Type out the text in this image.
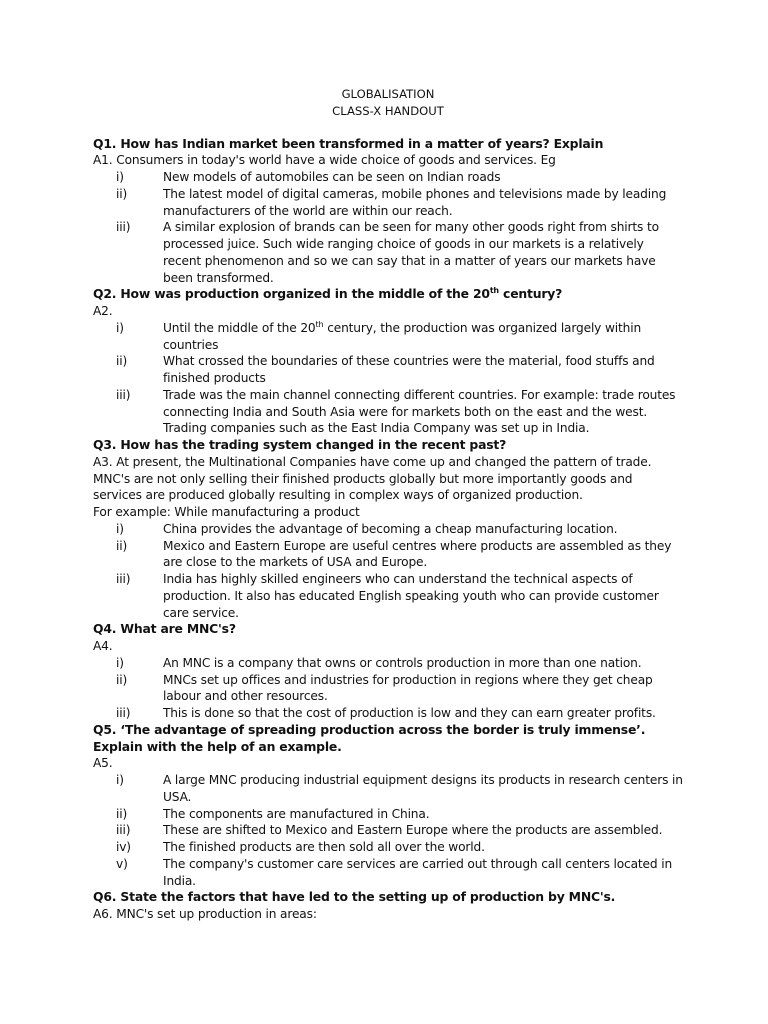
GLOBALISATION
CLASS-X HANDOUT
Q1. How has Indian market been transformed in a matter of years? Explain
A1. Consumers in today's world have a wide choice of goods and services. Eg
i)	New models of automobiles can be seen on Indian roads
ii)	The latest model of digital cameras, mobile phones and televisions made by leading manufacturers of the world are within our reach.
iii)	A similar explosion of brands can be seen for many other goods right from shirts to processed juice. Such wide ranging choice of goods in our markets is a relatively recent phenomenon and so we can say that in a matter of years our markets have been transformed.
Q2. How was production organized in the middle of the 20th century?
A2.
i)	Until the middle of the 20th century, the production was organized largely within countries
ii)	What crossed the boundaries of these countries were the material, food stuffs and finished products
iii)	Trade was the main channel connecting different countries. For example: trade routes connecting India and South Asia were for markets both on the east and the west. Trading companies such as the East India Company was set up in India.
Q3. How has the trading system changed in the recent past?
A3. At present, the Multinational Companies have come up and changed the pattern of trade. MNC's are not only selling their finished products globally but more importantly goods and services are produced globally resulting in complex ways of organized production.
For example: While manufacturing a product
i)	China provides the advantage of becoming a cheap manufacturing location.
ii)	Mexico and Eastern Europe are useful centres where products are assembled as they are close to the markets of USA and Europe.
iii)	India has highly skilled engineers who can understand the technical aspects of production. It also has educated English speaking youth who can provide customer care service.
Q4. What are MNC's?
A4.
i)	An MNC is a company that owns or controls production in more than one nation.
ii)	MNCs set up offices and industries for production in regions where they get cheap labour and other resources.
iii)	This is done so that the cost of production is low and they can earn greater profits.
Q5. ‘The advantage of spreading production across the border is truly immense’. Explain with the help of an example.
A5.
i)	A large MNC producing industrial equipment designs its products in research centers in USA.
ii)	The components are manufactured in China.
iii)	These are shifted to Mexico and Eastern Europe where the products are assembled.
iv)	The finished products are then sold all over the world.
v)	The company's customer care services are carried out through call centers located in India.
Q6. State the factors that have led to the setting up of production by MNC's.
A6. MNC's set up production in areas:
